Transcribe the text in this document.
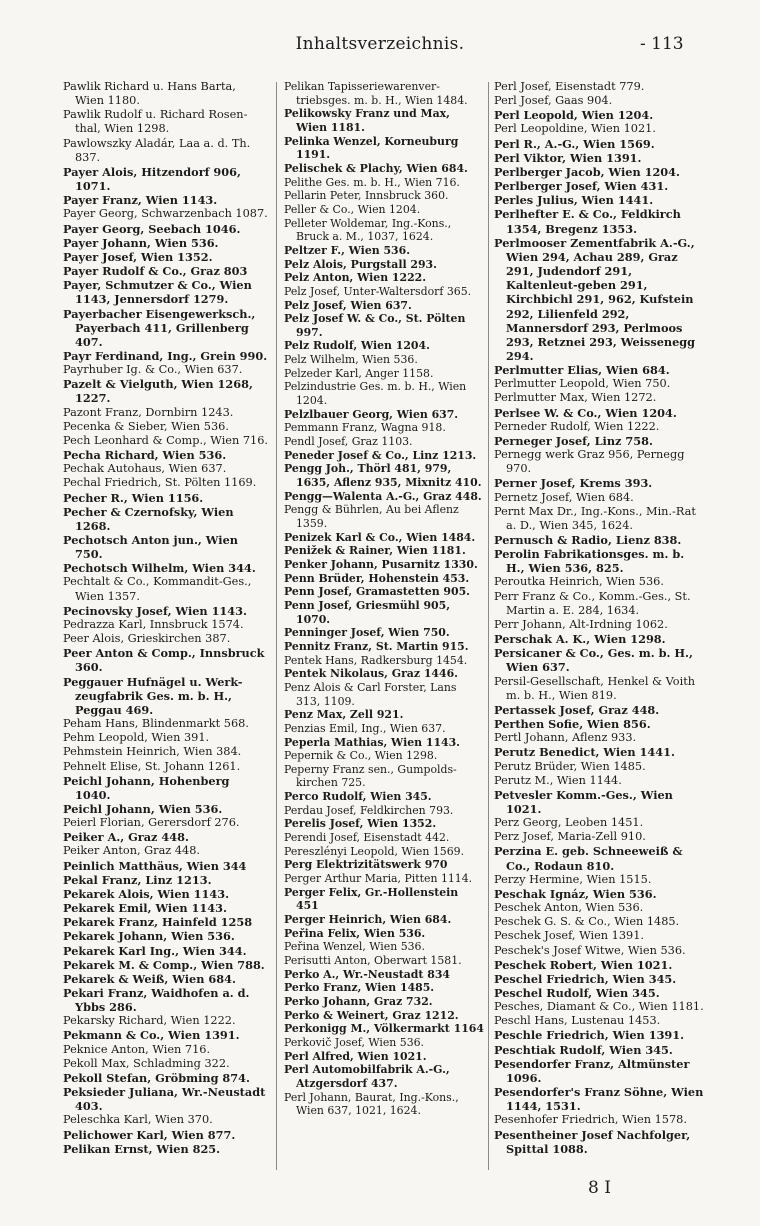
Inhaltsverzeichnis.	- 113
Pawlik Richard u. Hans Barta, Wien 1180.
Pawlik Rudolf u. Richard Rosen-thal, Wien 1298.
Pawlowszky Aladár, Laa a. d. Th. 837.
Payer Alois, Hitzendorf 906, 1071.
Payer Franz, Wien 1143.
Payer Georg, Schwarzenbach 1087.
Payer Georg, Seebach 1046.
Payer Johann, Wien 536.
Payer Josef, Wien 1352.
Payer Rudolf & Co., Graz 803
Payer, Schmutzer & Co., Wien 1143, Jennersdorf 1279.
Payerbacher Eisengewerksch., Payerbach 411, Grillenberg 407.
Payr Ferdinand, Ing., Grein 990.
Payrhuber Ig. & Co., Wien 637.
Pazelt & Vielguth, Wien 1268, 1227.
Pazont Franz, Dornbirn 1243.
Pecenka & Sieber, Wien 536.
Pech Leonhard & Comp., Wien 716.
Pecha Richard, Wien 536.
Pechak Autohaus, Wien 637.
Pechal Friedrich, St. Pölten 1169.
Pecher R., Wien 1156.
Pecher & Czernofsky, Wien 1268.
Pechotsch Anton jun., Wien 750.
Pechotsch Wilhelm, Wien 344.
Pechtalt & Co., Kommandit-Ges., Wien 1357.
Pecinovsky Josef, Wien 1143.
Pedrazza Karl, Innsbruck 1574.
Peer Alois, Grieskirchen 387.
Peer Anton & Comp., Innsbruck 360.
Peggauer Hufnägel u. Werk-zeugfabrik Ges. m. b. H., Peggau 469.
Peham Hans, Blindenmarkt 568.
Pehm Leopold, Wien 391.
Pehmstein Heinrich, Wien 384.
Pehnelt Elise, St. Johann 1261.
Peichl Johann, Hohenberg 1040.
Peichl Johann, Wien 536.
Peierl Florian, Gerersdorf 276.
Peiker A., Graz 448.
Peiker Anton, Graz 448.
Peinlich Matthäus, Wien 344
Pekal Franz, Linz 1213.
Pekarek Alois, Wien 1143.
Pekarek Emil, Wien 1143.
Pekarek Franz, Hainfeld 1258
Pekarek Johann, Wien 536.
Pekarek Karl Ing., Wien 344.
Pekarek M. & Comp., Wien 788.
Pekarek & Weiß, Wien 684.
Pekari Franz, Waidhofen a. d. Ybbs 286.
Pekarsky Richard, Wien 1222.
Pekmann & Co., Wien 1391.
Peknice Anton, Wien 716.
Pekoll Max, Schladming 322.
Pekoll Stefan, Gröbming 874.
Peksieder Juliana, Wr.-Neustadt 403.
Peleschka Karl, Wien 370.
Pelichower Karl, Wien 877.
Pelikan Ernst, Wien 825.
Pelikan Tapisseriewarenver-triebsges. m. b. H., Wien 1484.
Pelikowsky Franz und Max, Wien 1181.
Pelinka Wenzel, Korneuburg 1191.
Pelischek & Plachy, Wien 684.
Pelithe Ges. m. b. H., Wien 716.
Pellarin Peter, Innsbruck 360.
Peller & Co., Wien 1204.
Pelleter Woldemar, Ing.-Kons., Bruck a. M., 1037, 1624.
Peltzer F., Wien 536.
Pelz Alois, Purgstall 293.
Pelz Anton, Wien 1222.
Pelz Josef, Unter-Waltersdorf 365.
Pelz Josef, Wien 637.
Pelz Josef W. & Co., St. Pölten 997.
Pelz Rudolf, Wien 1204.
Pelz Wilhelm, Wien 536.
Pelzeder Karl, Anger 1158.
Pelzindustrie Ges. m. b. H., Wien 1204.
Pelzlbauer Georg, Wien 637.
Pemmann Franz, Wagna 918.
Pendl Josef, Graz 1103.
Peneder Josef & Co., Linz 1213.
Pengg Joh., Thörl 481, 979, 1635, Aflenz 935, Mixnitz 410.
Pengg—Walenta A.-G., Graz 448.
Pengg & Bührlen, Au bei Aflenz 1359.
Penizek Karl & Co., Wien 1484.
Penižek & Rainer, Wien 1181.
Penker Johann, Pusarnitz 1330.
Penn Brüder, Hohenstein 453.
Penn Josef, Gramastetten 905.
Penn Josef, Griesmühl 905, 1070.
Penninger Josef, Wien 750.
Pennitz Franz, St. Martin 915.
Pentek Hans, Radkersburg 1454.
Pentek Nikolaus, Graz 1446.
Penz Alois & Carl Forster, Lans 313, 1109.
Penz Max, Zell 921.
Penzias Emil, Ing., Wien 637.
Peperla Mathias, Wien 1143.
Pepernik & Co., Wien 1298.
Peperny Franz sen., Gumpolds-kirchen 725.
Perco Rudolf, Wien 345.
Perdau Josef, Feldkirchen 793.
Perelis Josef, Wien 1352.
Perendi Josef, Eisenstadt 442.
Pereszlényi Leopold, Wien 1569.
Perg Elektrizitätswerk 970
Perger Arthur Maria, Pitten 1114.
Perger Felix, Gr.-Hollenstein 451
Perger Heinrich, Wien 684.
Peřina Felix, Wien 536.
Peřina Wenzel, Wien 536.
Perisutti Anton, Oberwart 1581.
Perko A., Wr.-Neustadt 834
Perko Franz, Wien 1485.
Perko Johann, Graz 732.
Perko & Weinert, Graz 1212.
Perkonigg M., Völkermarkt 1164
Perkovič Josef, Wien 536.
Perl Alfred, Wien 1021.
Perl Automobilfabrik A.-G., Atzgersdorf 437.
Perl Johann, Baurat, Ing.-Kons., Wien 637, 1021, 1624.
Perl Josef, Eisenstadt 779.
Perl Josef, Gaas 904.
Perl Leopold, Wien 1204.
Perl Leopoldine, Wien 1021.
Perl R., A.-G., Wien 1569.
Perl Viktor, Wien 1391.
Perlberger Jacob, Wien 1204.
Perlberger Josef, Wien 431.
Perles Julius, Wien 1441.
Perlhefter E. & Co., Feldkirch 1354, Bregenz 1353.
Perlmooser Zementfabrik A.-G., Wien 294, Achau 289, Graz 291, Judendorf 291, Kaltenleut-geben 291, Kirchbichl 291, 962, Kufstein 292, Lilienfeld 292, Mannersdorf 293, Perlmoos 293, Retznei 293, Weissenegg 294.
Perlmutter Elias, Wien 684.
Perlmutter Leopold, Wien 750.
Perlmutter Max, Wien 1272.
Perlsee W. & Co., Wien 1204.
Perneder Rudolf, Wien 1222.
Perneger Josef, Linz 758.
Pernegg werk Graz 956, Pernegg 970.
Perner Josef, Krems 393.
Pernetz Josef, Wien 684.
Pernt Max Dr., Ing.-Kons., Min.-Rat a. D., Wien 345, 1624.
Pernusch & Radio, Lienz 838.
Perolin Fabrikationsges. m. b. H., Wien 536, 825.
Peroutka Heinrich, Wien 536.
Perr Franz & Co., Komm.-Ges., St. Martin a. E. 284, 1634.
Perr Johann, Alt-Irdning 1062.
Perschak A. K., Wien 1298.
Persicaner & Co., Ges. m. b. H., Wien 637.
Persil-Gesellschaft, Henkel & Voith m. b. H., Wien 819.
Pertassek Josef, Graz 448.
Perthen Sofie, Wien 856.
Pertl Johann, Aflenz 933.
Perutz Benedict, Wien 1441.
Perutz Brüder, Wien 1485.
Perutz M., Wien 1144.
Petvesler Komm.-Ges., Wien 1021.
Perz Georg, Leoben 1451.
Perz Josef, Maria-Zell 910.
Perzina E. geb. Schneeweiß & Co., Rodaun 810.
Perzy Hermine, Wien 1515.
Peschak Ignáz, Wien 536.
Peschek Anton, Wien 536.
Peschek G. S. & Co., Wien 1485.
Peschek Josef, Wien 1391.
Peschek's Josef Witwe, Wien 536.
Peschek Robert, Wien 1021.
Peschel Friedrich, Wien 345.
Peschel Rudolf, Wien 345.
Pesches, Diamant & Co., Wien 1181.
Peschl Hans, Lustenau 1453.
Peschle Friedrich, Wien 1391.
Peschtiak Rudolf, Wien 345.
Pesendorfer Franz, Altmünster 1096.
Pesendorfer's Franz Söhne, Wien 1144, 1531.
Pesenhofer Friedrich, Wien 1578.
Pesentheiner Josef Nachfolger, Spittal 1088.
8 I
